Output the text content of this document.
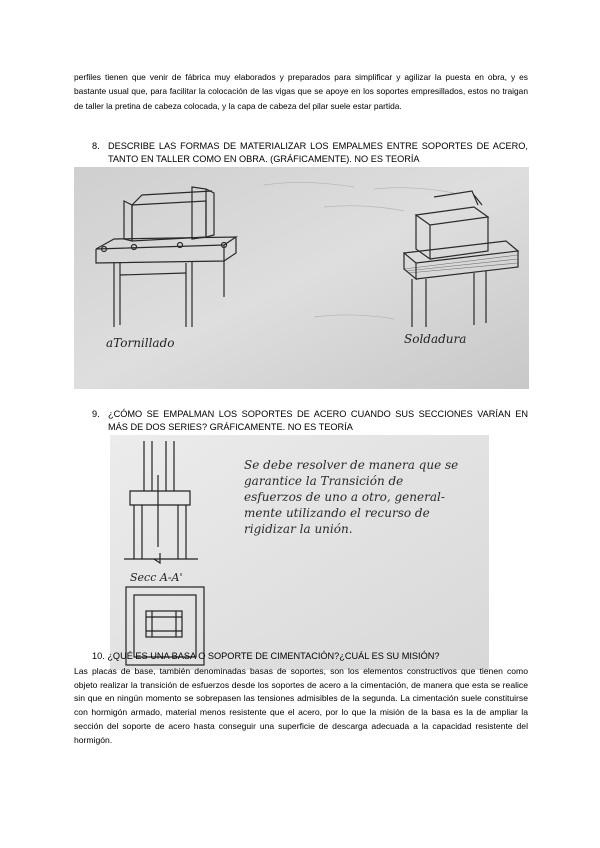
perfiles tienen que venir de fábrica muy elaborados y preparados para simplificar y agilizar la puesta en obra, y es bastante usual que, para facilitar la colocación de las vigas que se apoye en los soportes empresillados, estos no traigan de taller la pretina de cabeza colocada, y la capa de cabeza del pilar suele estar partida.

8. DESCRIBE LAS FORMAS DE MATERIALIZAR LOS EMPALMES ENTRE SOPORTES DE ACERO, TANTO EN TALLER COMO EN OBRA. (GRÁFICAMENTE). NO ES TEORÍA
aTornillado	Soldadura
9. ¿CÓMO SE EMPALMAN LOS SOPORTES DE ACERO CUANDO SUS SECCIONES VARÍAN EN MÁS DE DOS SERIES? GRÁFICAMENTE. NO ES TEORÍA
Secc A-A'
Se debe resolver de manera que se
garantice la Transición de
esfuerzos de uno a otro, general-
mente utilizando el recurso de
rigidizar la unión.

10. ¿QUÉ ES UNA BASA O SOPORTE DE CIMENTACIÓN?¿CUÁL ES SU MISIÓN?

Las placas de base, también denominadas basas de soportes, son los elementos constructivos que tienen como objeto realizar la transición de esfuerzos desde los soportes de acero a la cimentación, de manera que esta se realice sin que en ningún momento se sobrepasen las tensiones admisibles de la segunda. La cimentación suele constituirse con hormigón armado, material menos resistente que el acero, por lo que la misión de la basa es la de ampliar la sección del soporte de acero hasta conseguir una superficie de descarga adecuada a la capacidad resistente del hormigón.
